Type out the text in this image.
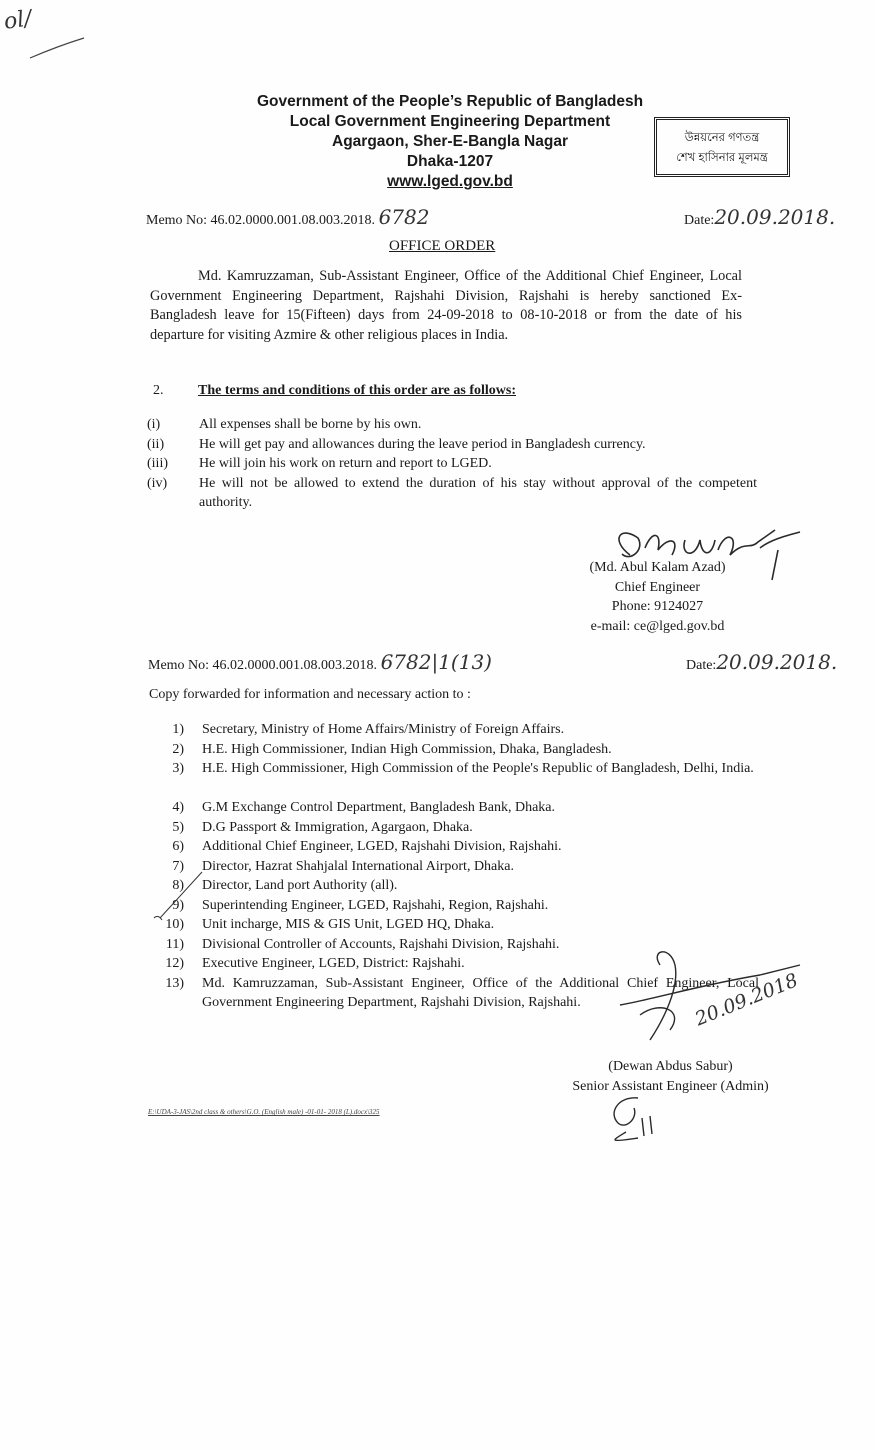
ol/
Government of the People’s Republic of Bangladesh
Local Government Engineering Department
Agargaon, Sher-E-Bangla Nagar
Dhaka-1207
www.lged.gov.bd
উন্নয়নের গণতন্ত্র
শেখ হাসিনার মূলমন্ত্র
Memo No: 46.02.0000.001.08.003.2018. 6782	Date:20.09.2018.
OFFICE ORDER
Md. Kamruzzaman, Sub-Assistant Engineer, Office of the Additional Chief Engineer, Local Government Engineering Department, Rajshahi Division, Rajshahi is hereby sanctioned Ex-Bangladesh leave for 15(Fifteen) days from 24-09-2018 to 08-10-2018 or from the date of his departure for visiting Azmire & other religious places in India.
2. The terms and conditions of this order are as follows:
(i)	All expenses shall be borne by his own.
(ii)	He will get pay and allowances during the leave period in Bangladesh currency.
(iii)	He will join his work on return and report to LGED.
(iv)	He will not be allowed to extend the duration of his stay without approval of the competent authority.
(Md. Abul Kalam Azad)
Chief Engineer
Phone: 9124027
e-mail: ce@lged.gov.bd
Memo No: 46.02.0000.001.08.003.2018. 6782|1(13)	Date:20.09.2018.
Copy forwarded for information and necessary action to :
1) Secretary, Ministry of Home Affairs/Ministry of Foreign Affairs.
2) H.E. High Commissioner, Indian High Commission, Dhaka, Bangladesh.
3) H.E. High Commissioner, High Commission of the People's Republic of Bangladesh, Delhi, India.
4) G.M Exchange Control Department, Bangladesh Bank, Dhaka.
5) D.G Passport & Immigration, Agargaon, Dhaka.
6) Additional Chief Engineer, LGED, Rajshahi Division, Rajshahi.
7) Director, Hazrat Shahjalal International Airport, Dhaka.
8) Director, Land port Authority (all).
9) Superintending Engineer, LGED, Rajshahi, Region, Rajshahi.
10) Unit incharge, MIS & GIS Unit, LGED HQ, Dhaka.
11) Divisional Controller of Accounts, Rajshahi Division, Rajshahi.
12) Executive Engineer, LGED, District: Rajshahi.
13) Md. Kamruzzaman, Sub-Assistant Engineer, Office of the Additional Chief Engineer, Local Government Engineering Department, Rajshahi Division, Rajshahi.	20.09.2018
(Dewan Abdus Sabur)
Senior Assistant Engineer (Admin)
E:\UDA-3-JAS\2nd class & others\G.O. (English male) -01-01- 2018 (L).docx\325
